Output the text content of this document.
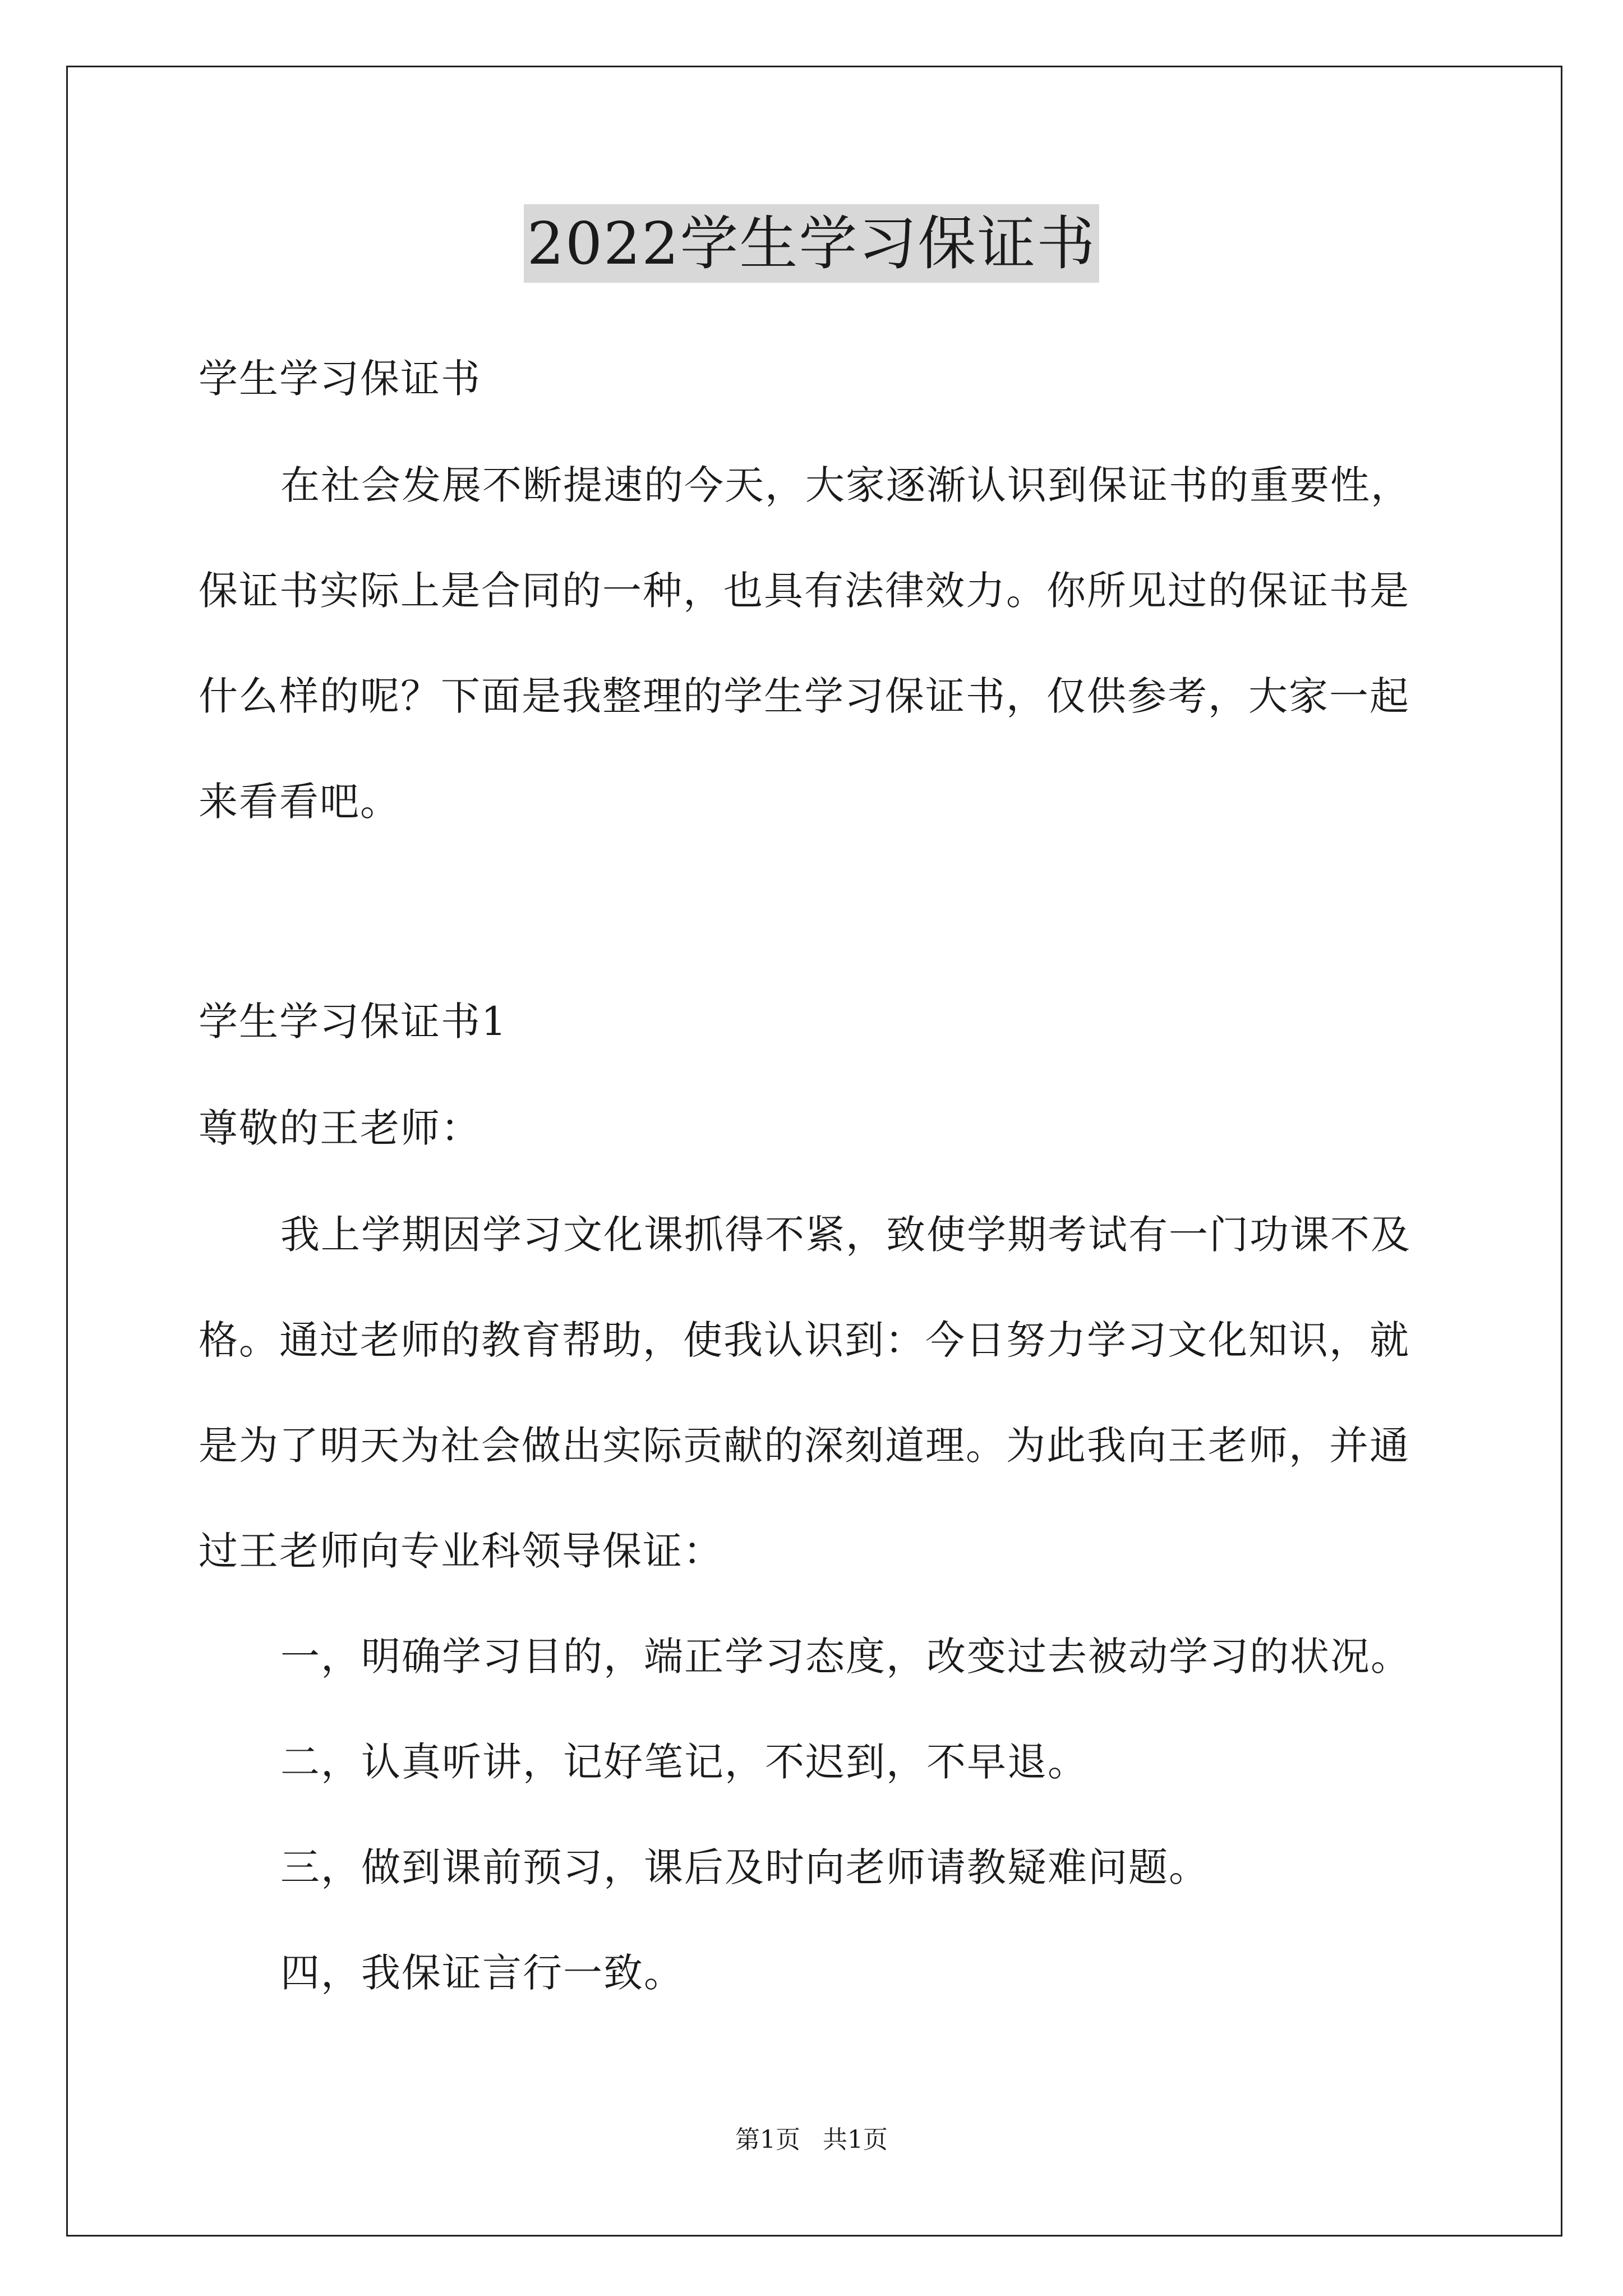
2022学生学习保证书
学生学习保证书
在社会发展不断提速的今天，大家逐渐认识到保证书的重要性，
保证书实际上是合同的一种，也具有法律效力。你所见过的保证书是
什么样的呢？下面是我整理的学生学习保证书，仅供参考，大家一起
来看看吧。
学生学习保证书1
尊敬的王老师：
我上学期因学习文化课抓得不紧，致使学期考试有一门功课不及
格。通过老师的教育帮助，使我认识到：今日努力学习文化知识，就
是为了明天为社会做出实际贡献的深刻道理。为此我向王老师，并通
过王老师向专业科领导保证：
一，明确学习目的，端正学习态度，改变过去被动学习的状况。
二，认真听讲，记好笔记，不迟到，不早退。
三，做到课前预习，课后及时向老师请教疑难问题。
四，我保证言行一致。
第1页 共1页
